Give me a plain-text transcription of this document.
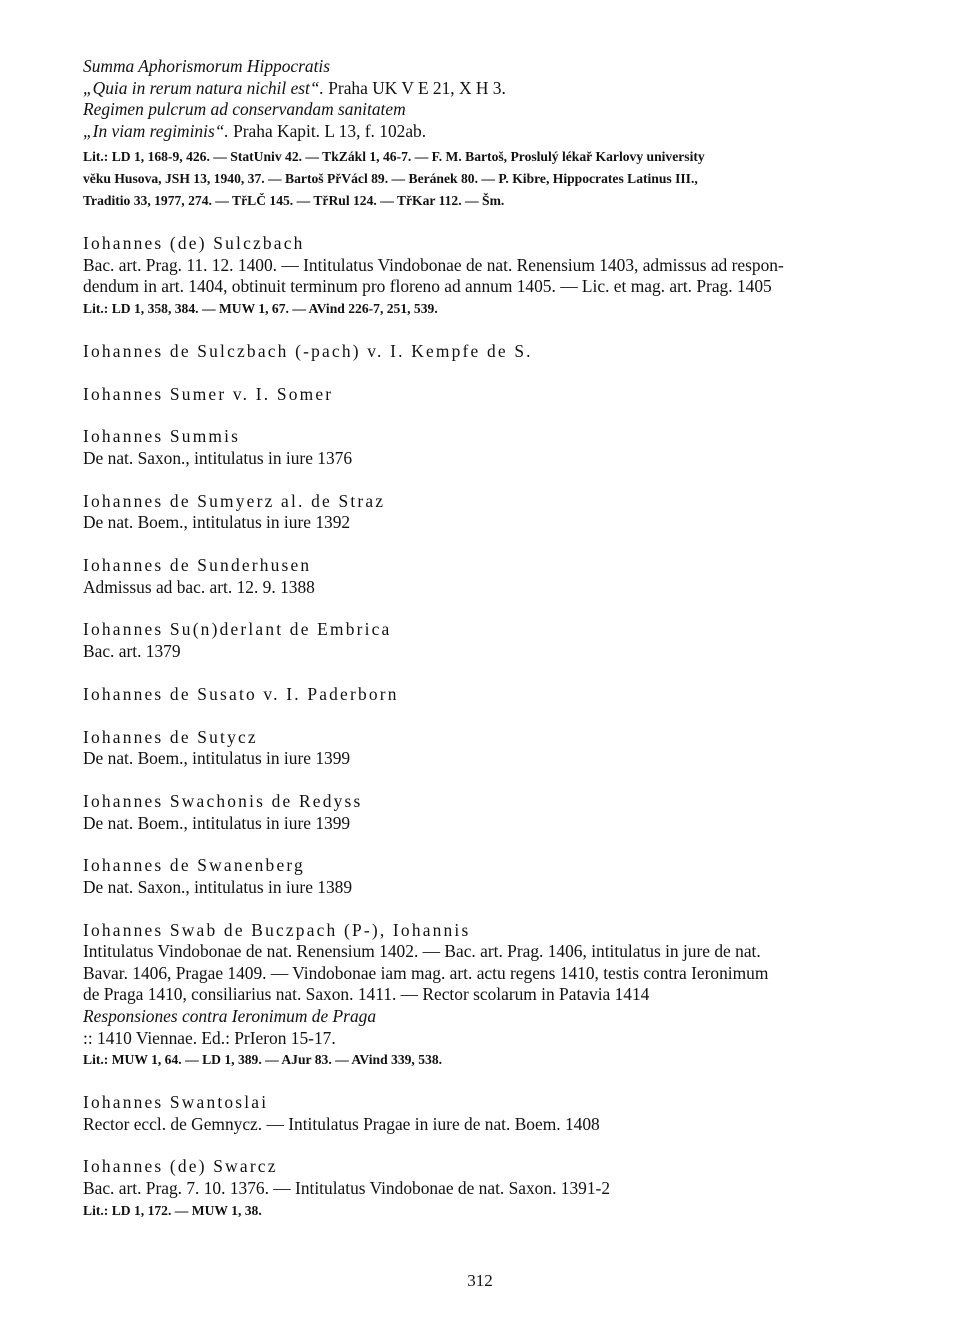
Summa Aphorismorum Hippocratis
„Quia in rerum natura nichil est“. Praha UK V E 21, X H 3.
Regimen pulcrum ad conservandam sanitatem
„In viam regiminis“. Praha Kapit. L 13, f. 102ab.
Lit.: LD 1, 168-9, 426. — StatUniv 42. — TkZákl 1, 46-7. — F. M. Bartoš, Proslulý lékař Karlovy university
věku Husova, JSH 13, 1940, 37. — Bartoš PřVácl 89. — Beránek 80. — P. Kibre, Hippocrates Latinus III.,
Traditio 33, 1977, 274. — TřLČ 145. — TřRul 124. — TřKar 112. — Šm.
Iohannes (de) Sulczbach
Bac. art. Prag. 11. 12. 1400. — Intitulatus Vindobonae de nat. Renensium 1403, admissus ad respon-
dendum in art. 1404, obtinuit terminum pro floreno ad annum 1405. — Lic. et mag. art. Prag. 1405
Lit.: LD 1, 358, 384. — MUW 1, 67. — AVind 226-7, 251, 539.
Iohannes de Sulczbach (-pach) v. I. Kempfe de S.
Iohannes Sumer v. I. Somer
Iohannes Summis
De nat. Saxon., intitulatus in iure 1376
Iohannes de Sumyerz al. de Straz
De nat. Boem., intitulatus in iure 1392
Iohannes de Sunderhusen
Admissus ad bac. art. 12. 9. 1388
Iohannes Su(n)derlant de Embrica
Bac. art. 1379
Iohannes de Susato v. I. Paderborn
Iohannes de Sutycz
De nat. Boem., intitulatus in iure 1399
Iohannes Swachonis de Redyss
De nat. Boem., intitulatus in iure 1399
Iohannes de Swanenberg
De nat. Saxon., intitulatus in iure 1389
Iohannes Swab de Buczpach (P-), Iohannis
Intitulatus Vindobonae de nat. Renensium 1402. — Bac. art. Prag. 1406, intitulatus in jure de nat.
Bavar. 1406, Pragae 1409. — Vindobonae iam mag. art. actu regens 1410, testis contra Ieronimum
de Praga 1410, consiliarius nat. Saxon. 1411. — Rector scolarum in Patavia 1414
Responsiones contra Ieronimum de Praga
:: 1410 Viennae. Ed.: PrIeron 15-17.
Lit.: MUW 1, 64. — LD 1, 389. — AJur 83. — AVind 339, 538.
Iohannes Swantoslai
Rector eccl. de Gemnycz. — Intitulatus Pragae in iure de nat. Boem. 1408
Iohannes (de) Swarcz
Bac. art. Prag. 7. 10. 1376. — Intitulatus Vindobonae de nat. Saxon. 1391-2
Lit.: LD 1, 172. — MUW 1, 38.
312
